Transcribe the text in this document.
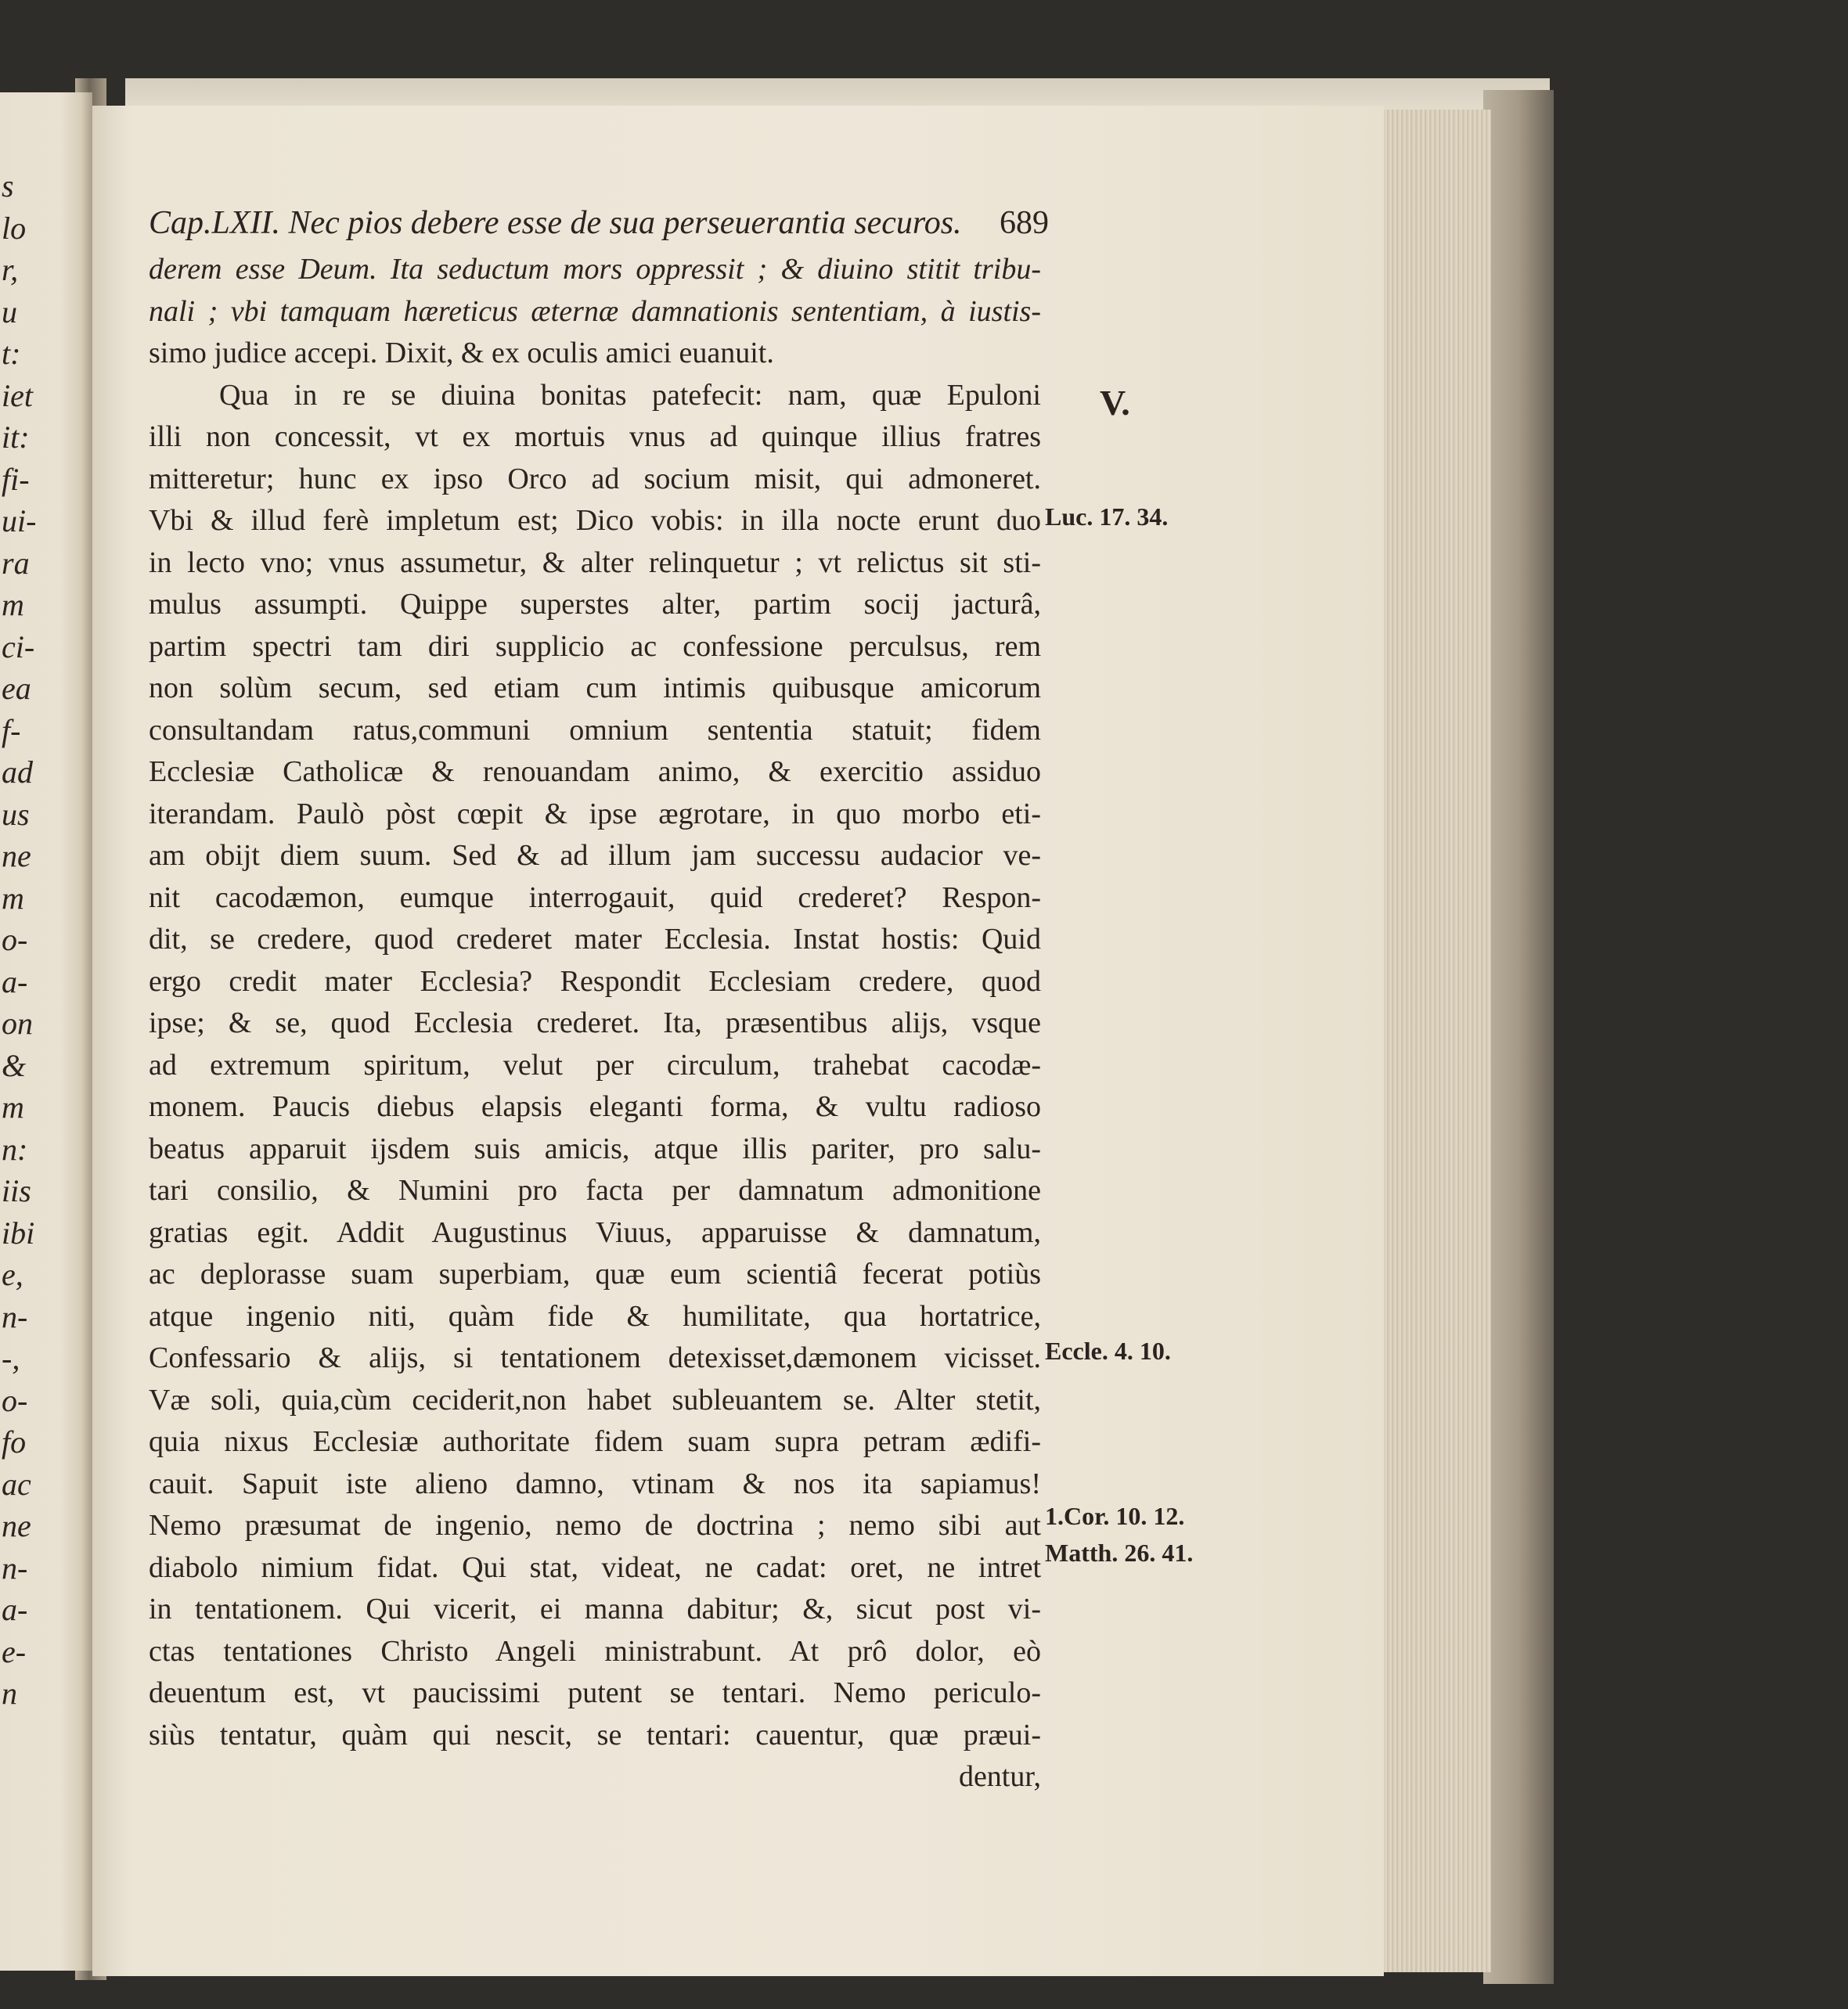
s
lo
r,
u
t:
iet
it:
fi-
ui-
ra
m
ci-
ea
f-
ad
us
ne
m
o-
a-
on
&
m
n:
iis
ibi
e,
n-
-,
o-
fo
ac
ne
n-
a-
e-
n
Cap.LXII. Nec pios debere esse de sua perseuerantia securos. 689
derem esse Deum. Ita seductum mors oppressit ; & diuino stitit tribu-
nali ; vbi tamquam hæreticus æternæ damnationis sententiam, à iustis-
simo judice accepi. Dixit, & ex oculis amici euanuit.
Qua in re se diuina bonitas patefecit: nam, quæ Epuloni
illi non concessit, vt ex mortuis vnus ad quinque illius fratres
mitteretur; hunc ex ipso Orco ad socium misit, qui admoneret.
Vbi & illud ferè impletum est; Dico vobis: in illa nocte erunt duo
in lecto vno; vnus assumetur, & alter relinquetur ; vt relictus sit sti-
mulus assumpti. Quippe superstes alter, partim socij jacturâ,
partim spectri tam diri supplicio ac confessione perculsus, rem
non solùm secum, sed etiam cum intimis quibusque amicorum
consultandam ratus,communi omnium sententia statuit; fidem
Ecclesiæ Catholicæ & renouandam animo, & exercitio assiduo
iterandam. Paulò pòst cœpit & ipse ægrotare, in quo morbo eti-
am obijt diem suum. Sed & ad illum jam successu audacior ve-
nit cacodæmon, eumque interrogauit, quid crederet? Respon-
dit, se credere, quod crederet mater Ecclesia. Instat hostis: Quid
ergo credit mater Ecclesia? Respondit Ecclesiam credere, quod
ipse; & se, quod Ecclesia crederet. Ita, præsentibus alijs, vsque
ad extremum spiritum, velut per circulum, trahebat cacodæ-
monem. Paucis diebus elapsis eleganti forma, & vultu radioso
beatus apparuit ijsdem suis amicis, atque illis pariter, pro salu-
tari consilio, & Numini pro facta per damnatum admonitione
gratias egit. Addit Augustinus Viuus, apparuisse & damnatum,
ac deplorasse suam superbiam, quæ eum scientiâ fecerat potiùs
atque ingenio niti, quàm fide & humilitate, qua hortatrice,
Confessario & alijs, si tentationem detexisset,dæmonem vicisset.
Væ soli, quia,cùm ceciderit,non habet subleuantem se. Alter stetit,
quia nixus Ecclesiæ authoritate fidem suam supra petram ædifi-
cauit. Sapuit iste alieno damno, vtinam & nos ita sapiamus!
Nemo præsumat de ingenio, nemo de doctrina ; nemo sibi aut
diabolo nimium fidat. Qui stat, videat, ne cadat: oret, ne intret
in tentationem. Qui vicerit, ei manna dabitur; &, sicut post vi-
ctas tentationes Christo Angeli ministrabunt. At prô dolor, eò
deuentum est, vt paucissimi putent se tentari. Nemo periculo-
siùs tentatur, quàm qui nescit, se tentari: cauentur, quæ præui-
dentur,
V.
Luc. 17. 34.
Eccle. 4. 10.
1.Cor. 10. 12.
Matth. 26. 41.
